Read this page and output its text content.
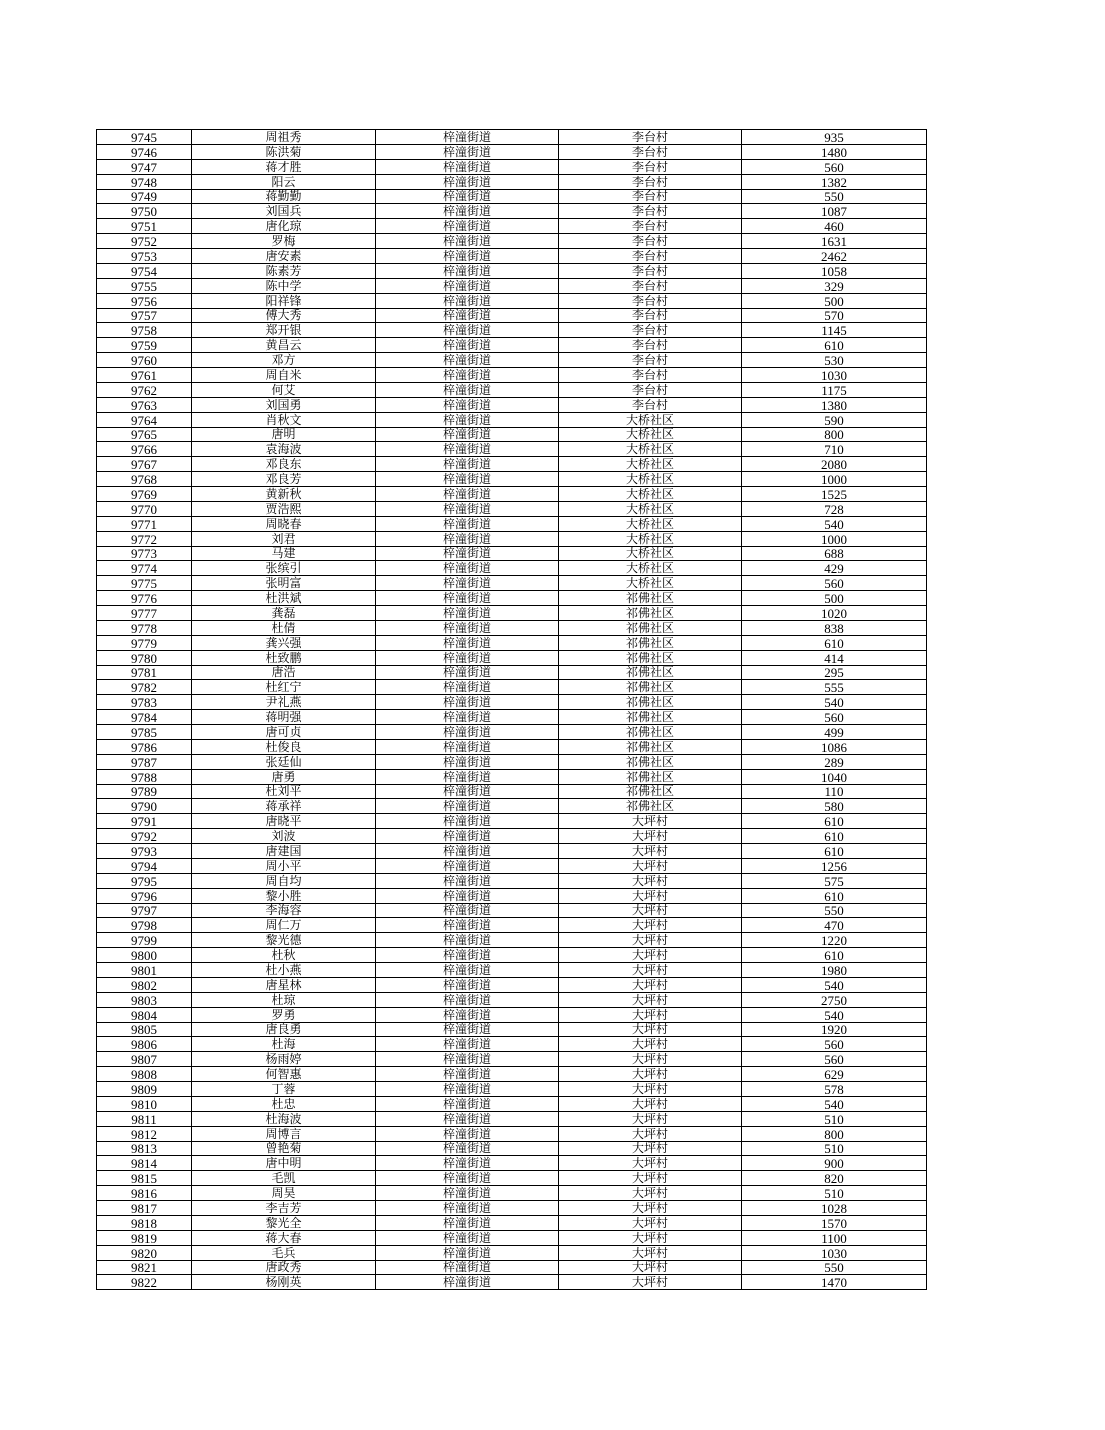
9745	周祖秀	梓潼街道	李台村	935
9746	陈洪菊	梓潼街道	李台村	1480
9747	蒋才胜	梓潼街道	李台村	560
9748	阳云	梓潼街道	李台村	1382
9749	蒋勤勤	梓潼街道	李台村	550
9750	刘国兵	梓潼街道	李台村	1087
9751	唐化琼	梓潼街道	李台村	460
9752	罗梅	梓潼街道	李台村	1631
9753	唐安素	梓潼街道	李台村	2462
9754	陈素芳	梓潼街道	李台村	1058
9755	陈中学	梓潼街道	李台村	329
9756	阳祥锋	梓潼街道	李台村	500
9757	傅大秀	梓潼街道	李台村	570
9758	郑开银	梓潼街道	李台村	1145
9759	黄昌云	梓潼街道	李台村	610
9760	邓方	梓潼街道	李台村	530
9761	周自米	梓潼街道	李台村	1030
9762	何艾	梓潼街道	李台村	1175
9763	刘国勇	梓潼街道	李台村	1380
9764	肖秋文	梓潼街道	大桥社区	590
9765	唐明	梓潼街道	大桥社区	800
9766	袁海波	梓潼街道	大桥社区	710
9767	邓良东	梓潼街道	大桥社区	2080
9768	邓良芳	梓潼街道	大桥社区	1000
9769	黄新秋	梓潼街道	大桥社区	1525
9770	贾浩熙	梓潼街道	大桥社区	728
9771	周晓春	梓潼街道	大桥社区	540
9772	刘君	梓潼街道	大桥社区	1000
9773	马建	梓潼街道	大桥社区	688
9774	张缤引	梓潼街道	大桥社区	429
9775	张明富	梓潼街道	大桥社区	560
9776	杜洪斌	梓潼街道	祁佛社区	500
9777	龚磊	梓潼街道	祁佛社区	1020
9778	杜倩	梓潼街道	祁佛社区	838
9779	龚兴强	梓潼街道	祁佛社区	610
9780	杜致鹏	梓潼街道	祁佛社区	414
9781	唐浩	梓潼街道	祁佛社区	295
9782	杜红宁	梓潼街道	祁佛社区	555
9783	尹礼燕	梓潼街道	祁佛社区	540
9784	蒋明强	梓潼街道	祁佛社区	560
9785	唐可贞	梓潼街道	祁佛社区	499
9786	杜俊良	梓潼街道	祁佛社区	1086
9787	张廷仙	梓潼街道	祁佛社区	289
9788	唐勇	梓潼街道	祁佛社区	1040
9789	杜刘平	梓潼街道	祁佛社区	110
9790	蒋承祥	梓潼街道	祁佛社区	580
9791	唐晓平	梓潼街道	大坪村	610
9792	刘波	梓潼街道	大坪村	610
9793	唐建国	梓潼街道	大坪村	610
9794	周小平	梓潼街道	大坪村	1256
9795	周自均	梓潼街道	大坪村	575
9796	黎小胜	梓潼街道	大坪村	610
9797	李海容	梓潼街道	大坪村	550
9798	周仁万	梓潼街道	大坪村	470
9799	黎光德	梓潼街道	大坪村	1220
9800	杜秋	梓潼街道	大坪村	610
9801	杜小燕	梓潼街道	大坪村	1980
9802	唐星林	梓潼街道	大坪村	540
9803	杜琼	梓潼街道	大坪村	2750
9804	罗勇	梓潼街道	大坪村	540
9805	唐良勇	梓潼街道	大坪村	1920
9806	杜海	梓潼街道	大坪村	560
9807	杨雨婷	梓潼街道	大坪村	560
9808	何智惠	梓潼街道	大坪村	629
9809	丁蓉	梓潼街道	大坪村	578
9810	杜忠	梓潼街道	大坪村	540
9811	杜海波	梓潼街道	大坪村	510
9812	周博言	梓潼街道	大坪村	800
9813	曾艳菊	梓潼街道	大坪村	510
9814	唐中明	梓潼街道	大坪村	900
9815	毛凯	梓潼街道	大坪村	820
9816	周昊	梓潼街道	大坪村	510
9817	李吉芳	梓潼街道	大坪村	1028
9818	黎光全	梓潼街道	大坪村	1570
9819	蒋大春	梓潼街道	大坪村	1100
9820	毛兵	梓潼街道	大坪村	1030
9821	唐政秀	梓潼街道	大坪村	550
9822	杨刚英	梓潼街道	大坪村	1470
